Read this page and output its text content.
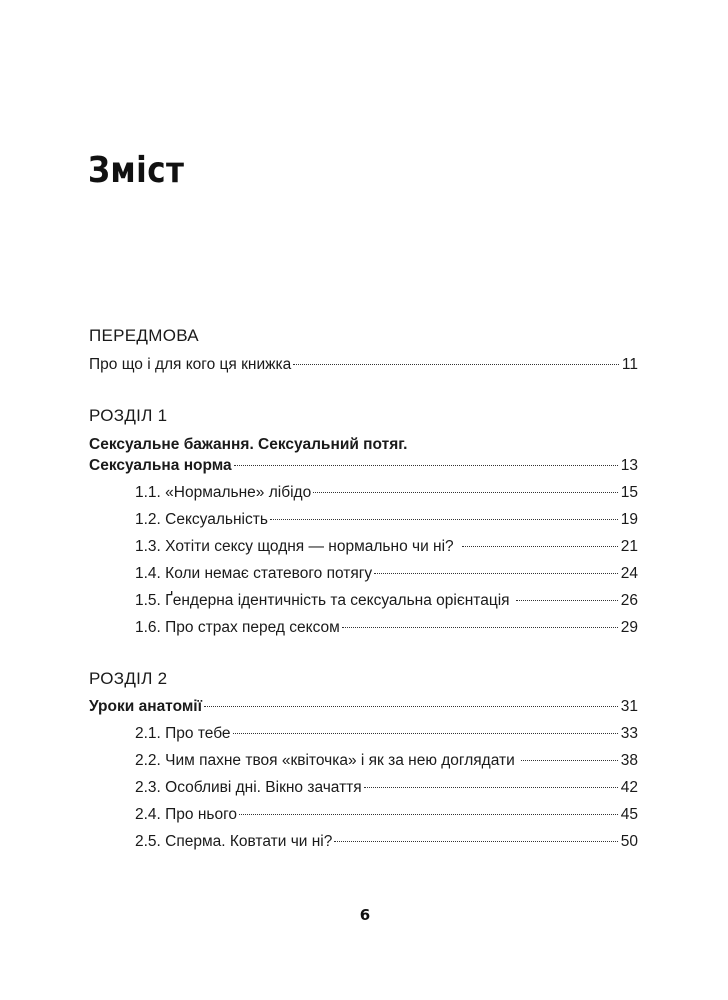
Зміст
ПЕРЕДМОВА
Про що і для кого ця книжка	11
РОЗДІЛ 1
Сексуальне бажання. Сексуальний потяг.
Сексуальна норма	13
1.1. «Нормальне» лібідо	15
1.2. Сексуальність	19
1.3. Хотіти сексу щодня — нормально чи ні?	21
1.4. Коли немає статевого потягу	24
1.5. Ґендерна ідентичність та сексуальна орієнтація	26
1.6. Про страх перед сексом	29
РОЗДІЛ 2
Уроки анатомії	31
2.1. Про тебе	33
2.2. Чим пахне твоя «квіточка» і як за нею доглядати	38
2.3. Особливі дні. Вікно зачаття	42
2.4. Про нього	45
2.5. Сперма. Ковтати чи ні?	50
6
